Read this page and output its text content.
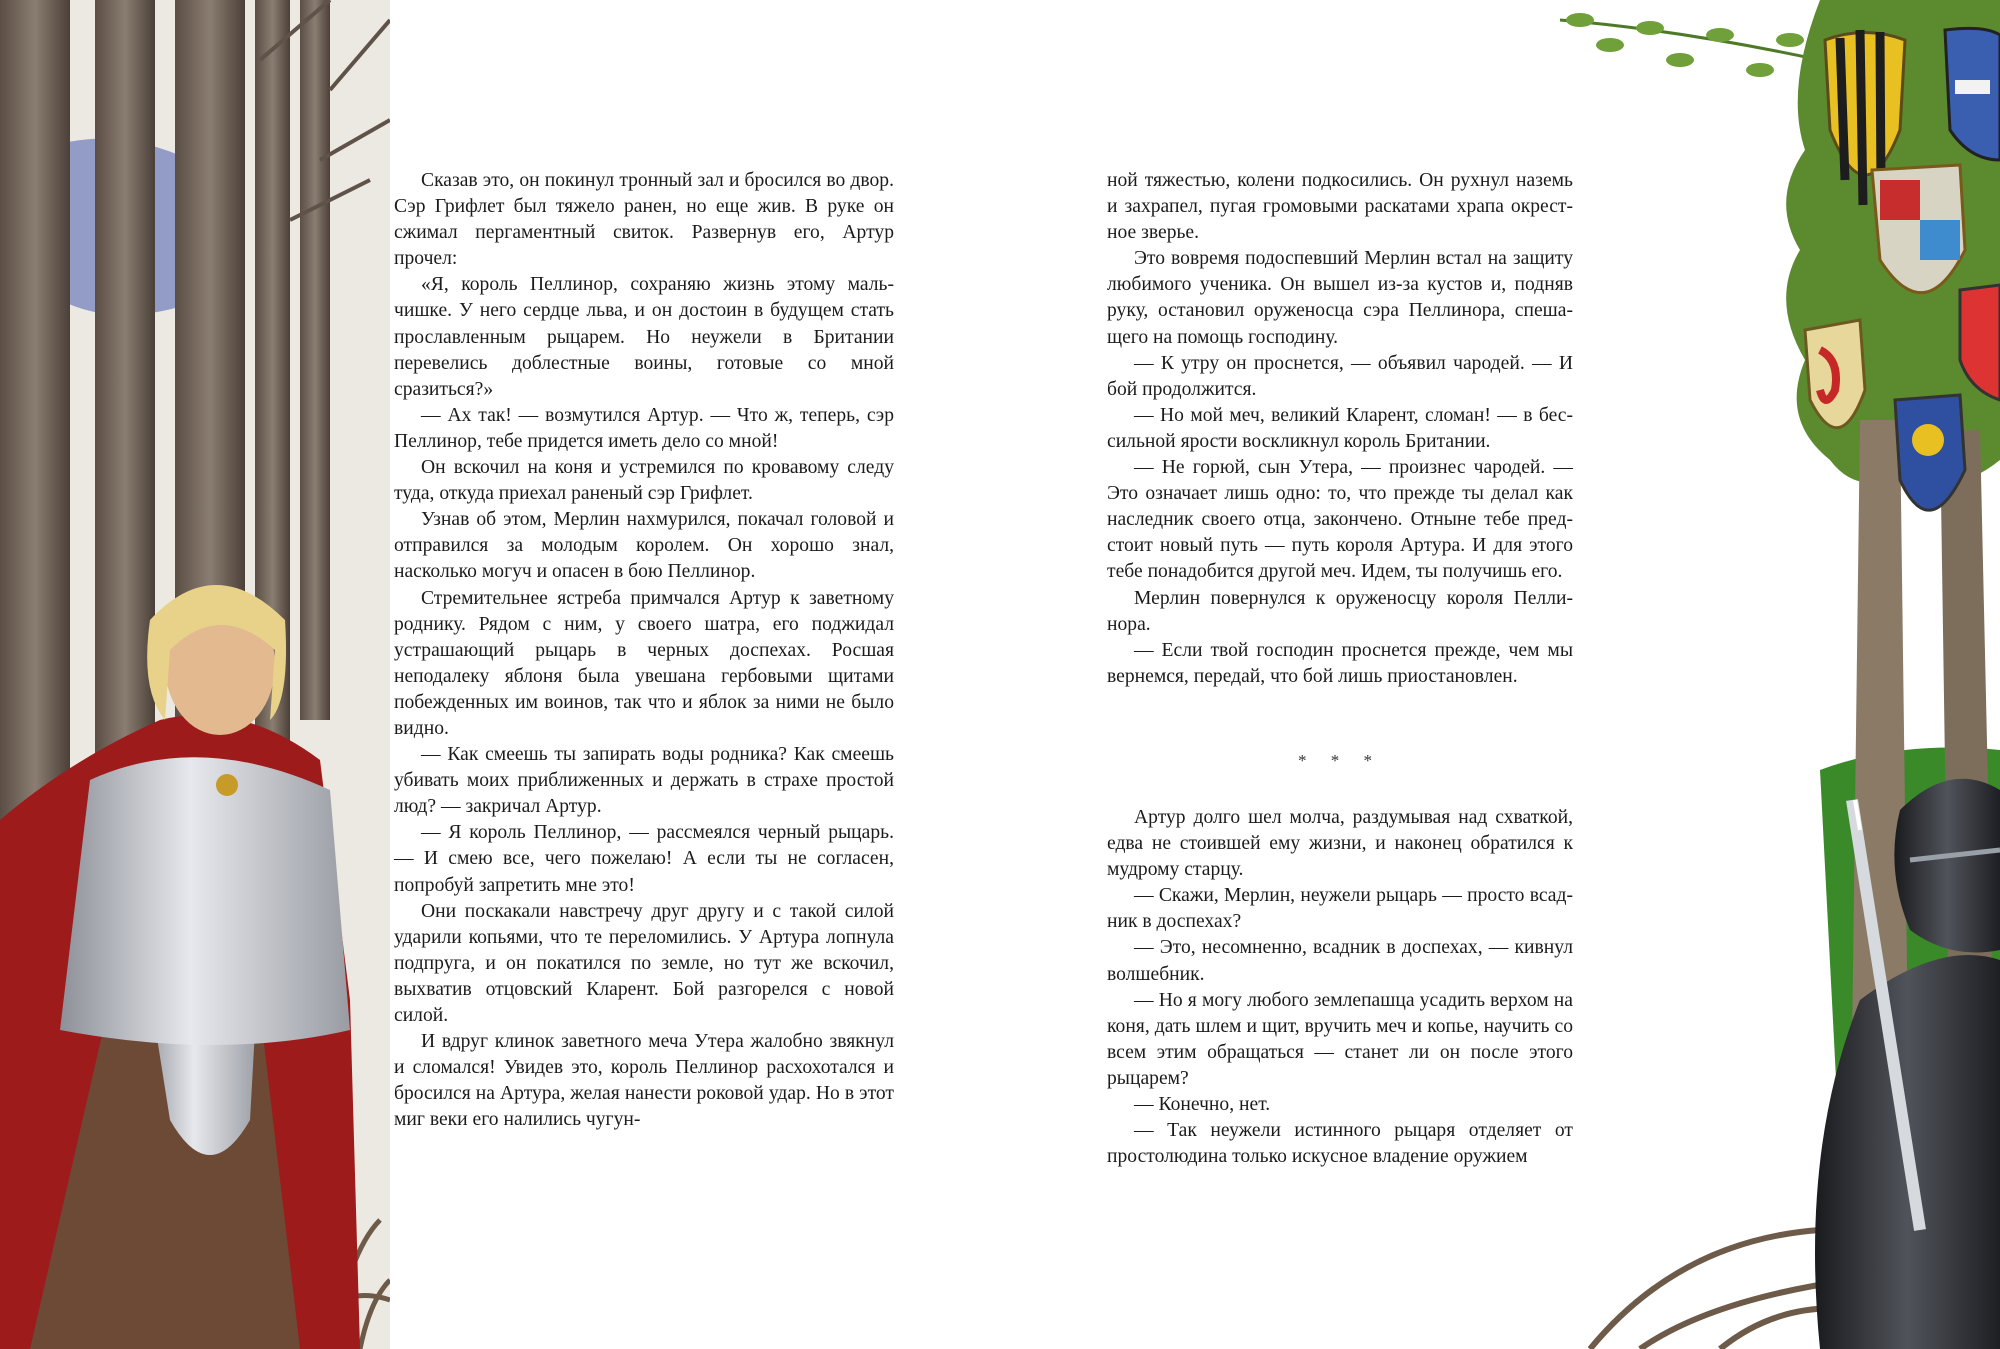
Сказав это, он покинул тронный зал и бросился во двор. Сэр Грифлет был тяжело ранен, но еще жив. В руке он сжимал пергаментный свиток. Развернув его, Артур прочел:

«Я, король Пеллинор, сохраняю жизнь этому мальчишке. У него сердце льва, и он достоин в будущем стать прославленным рыцарем. Но неужели в Британии перевелись доблестные воины, готовые со мной сразиться?»

— Ах так! — возмутился Артур. — Что ж, теперь, сэр Пеллинор, тебе придется иметь дело со мной!

Он вскочил на коня и устремился по кровавому следу туда, откуда приехал раненый сэр Грифлет.

Узнав об этом, Мерлин нахмурился, покачал головой и отправился за молодым королем. Он хорошо знал, насколько могуч и опасен в бою Пеллинор.

Стремительнее ястреба примчался Артур к заветному роднику. Рядом с ним, у своего шатра, его поджидал устрашающий рыцарь в черных доспехах. Росшая неподалеку яблоня была увешана гербовыми щитами побежденных им воинов, так что и яблок за ними не было видно.

— Как смеешь ты запирать воды родника? Как смеешь убивать моих приближенных и держать в страхе простой люд? — закричал Артур.

— Я король Пеллинор, — рассмеялся черный рыцарь. — И смею все, чего пожелаю! А если ты не согласен, попробуй запретить мне это!

Они поскакали навстречу друг другу и с такой силой ударили копьями, что те переломились. У Артура лопнула подпруга, и он покатился по земле, но тут же вскочил, выхватив отцовский Кларент. Бой разгорелся с новой силой.

И вдруг клинок заветного меча Утера жалобно звякнул и сломался! Увидев это, король Пеллинор расхохотался и бросился на Артура, желая нанести роковой удар. Но в этот миг веки его налились чугун-

ной тяжестью, колени подкосились. Он рухнул наземь и захрапел, пугая громовыми раскатами храпа окрестное зверье.

Это вовремя подоспевший Мерлин встал на защиту любимого ученика. Он вышел из-за кустов и, подняв руку, остановил оруженосца сэра Пеллинора, спешащего на помощь господину.

— К утру он проснется, — объявил чародей. — И бой продолжится.

— Но мой меч, великий Кларент, сломан! — в бессильной ярости воскликнул король Британии.

— Не горюй, сын Утера, — произнес чародей. — Это означает лишь одно: то, что прежде ты делал как наследник своего отца, закончено. Отныне тебе предстоит новый путь — путь короля Артура. И для этого тебе понадобится другой меч. Идем, ты получишь его.

Мерлин повернулся к оруженосцу короля Пеллинора.

— Если твой господин проснется прежде, чем мы вернемся, передай, что бой лишь приостановлен.

* * *

Артур долго шел молча, раздумывая над схваткой, едва не стоившей ему жизни, и наконец обратился к мудрому старцу.

— Скажи, Мерлин, неужели рыцарь — просто всадник в доспехах?

— Это, несомненно, всадник в доспехах, — кивнул волшебник.

— Но я могу любого землепашца усадить верхом на коня, дать шлем и щит, вручить меч и копье, научить со всем этим обращаться — станет ли он после этого рыцарем?

— Конечно, нет.

— Так неужели истинного рыцаря отделяет от простолюдина только искусное владение оружием
